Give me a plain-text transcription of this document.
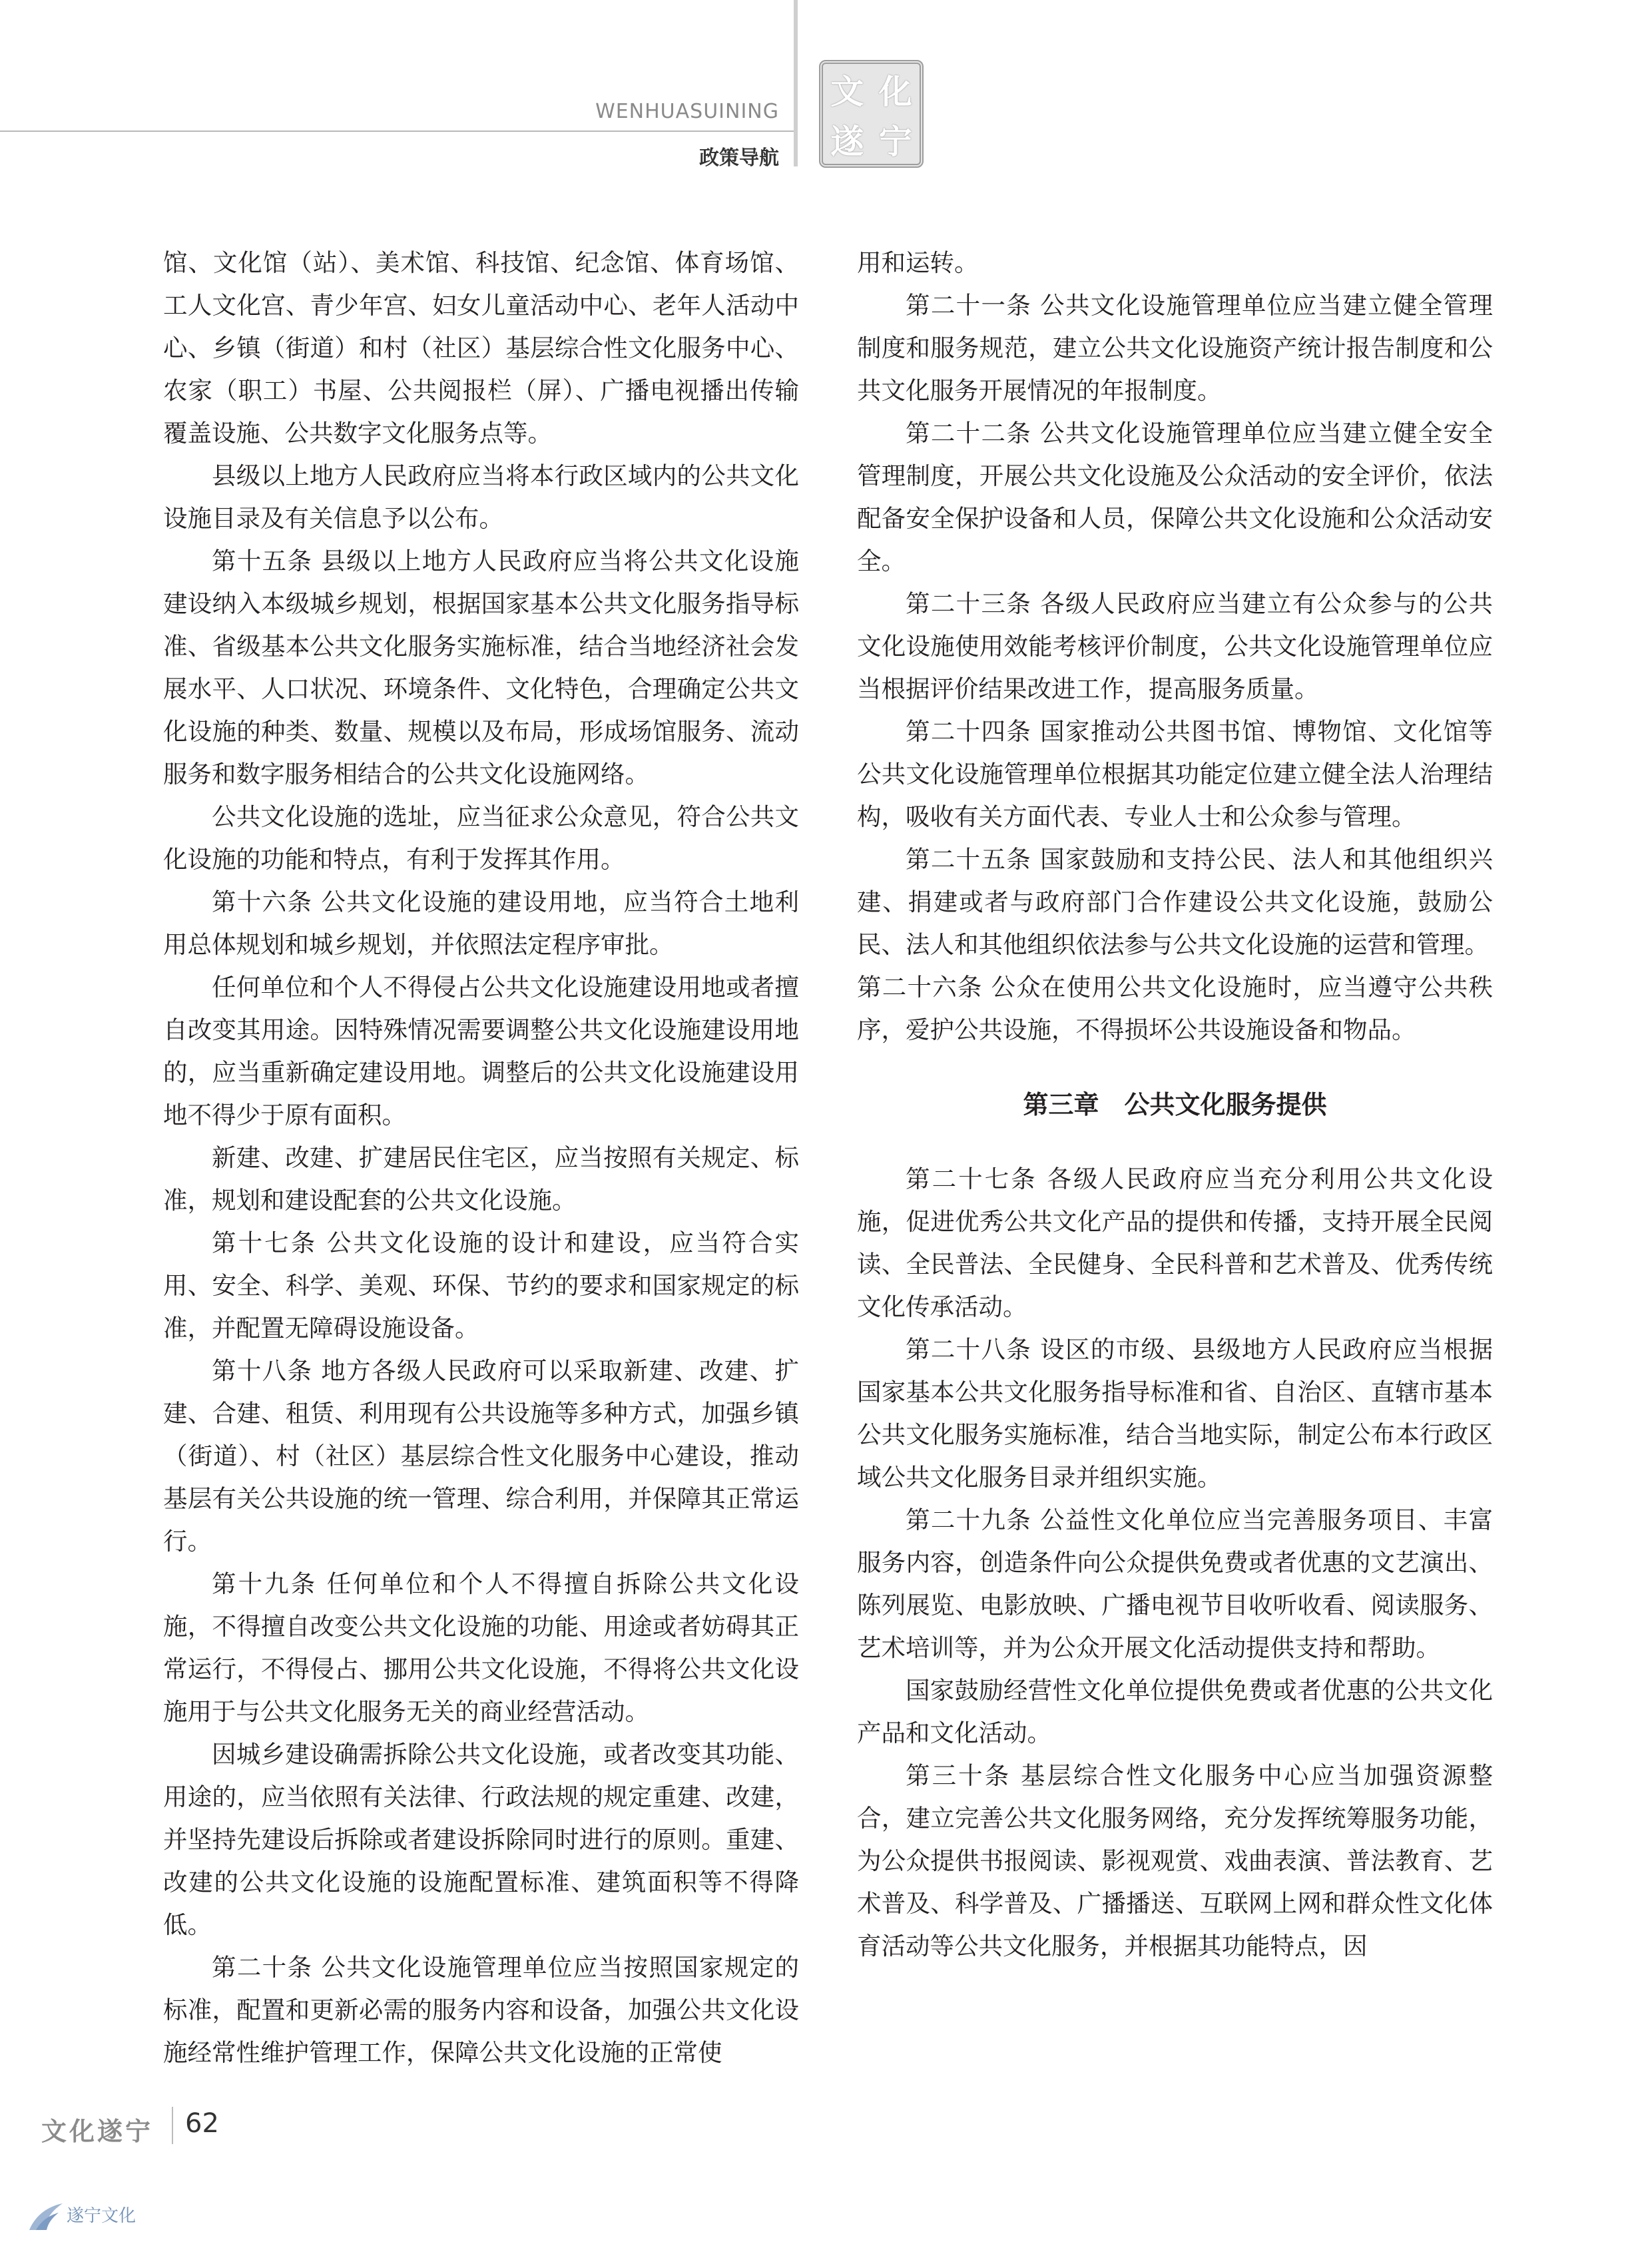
WENHUASUINING
政策导航
文 化
遂 宁

馆、文化馆（站）、美术馆、科技馆、纪念馆、体育场馆、工人文化宫、青少年宫、妇女儿童活动中心、老年人活动中心、乡镇（街道）和村（社区）基层综合性文化服务中心、农家（职工）书屋、公共阅报栏（屏）、广播电视播出传输覆盖设施、公共数字文化服务点等。

县级以上地方人民政府应当将本行政区域内的公共文化设施目录及有关信息予以公布。

第十五条 县级以上地方人民政府应当将公共文化设施建设纳入本级城乡规划，根据国家基本公共文化服务指导标准、省级基本公共文化服务实施标准，结合当地经济社会发展水平、人口状况、环境条件、文化特色，合理确定公共文化设施的种类、数量、规模以及布局，形成场馆服务、流动服务和数字服务相结合的公共文化设施网络。

公共文化设施的选址，应当征求公众意见，符合公共文化设施的功能和特点，有利于发挥其作用。

第十六条 公共文化设施的建设用地，应当符合土地利用总体规划和城乡规划，并依照法定程序审批。

任何单位和个人不得侵占公共文化设施建设用地或者擅自改变其用途。因特殊情况需要调整公共文化设施建设用地的，应当重新确定建设用地。调整后的公共文化设施建设用地不得少于原有面积。

新建、改建、扩建居民住宅区，应当按照有关规定、标准，规划和建设配套的公共文化设施。

第十七条 公共文化设施的设计和建设，应当符合实用、安全、科学、美观、环保、节约的要求和国家规定的标准，并配置无障碍设施设备。

第十八条 地方各级人民政府可以采取新建、改建、扩建、合建、租赁、利用现有公共设施等多种方式，加强乡镇（街道）、村（社区）基层综合性文化服务中心建设，推动基层有关公共设施的统一管理、综合利用，并保障其正常运行。

第十九条 任何单位和个人不得擅自拆除公共文化设施，不得擅自改变公共文化设施的功能、用途或者妨碍其正常运行，不得侵占、挪用公共文化设施，不得将公共文化设施用于与公共文化服务无关的商业经营活动。

因城乡建设确需拆除公共文化设施，或者改变其功能、用途的，应当依照有关法律、行政法规的规定重建、改建，并坚持先建设后拆除或者建设拆除同时进行的原则。重建、改建的公共文化设施的设施配置标准、建筑面积等不得降低。

第二十条 公共文化设施管理单位应当按照国家规定的标准，配置和更新必需的服务内容和设备，加强公共文化设施经常性维护管理工作，保障公共文化设施的正常使

用和运转。

第二十一条 公共文化设施管理单位应当建立健全管理制度和服务规范，建立公共文化设施资产统计报告制度和公共文化服务开展情况的年报制度。

第二十二条 公共文化设施管理单位应当建立健全安全管理制度，开展公共文化设施及公众活动的安全评价，依法配备安全保护设备和人员，保障公共文化设施和公众活动安全。

第二十三条 各级人民政府应当建立有公众参与的公共文化设施使用效能考核评价制度，公共文化设施管理单位应当根据评价结果改进工作，提高服务质量。

第二十四条 国家推动公共图书馆、博物馆、文化馆等公共文化设施管理单位根据其功能定位建立健全法人治理结构，吸收有关方面代表、专业人士和公众参与管理。

第二十五条 国家鼓励和支持公民、法人和其他组织兴建、捐建或者与政府部门合作建设公共文化设施，鼓励公民、法人和其他组织依法参与公共文化设施的运营和管理。

第二十六条 公众在使用公共文化设施时，应当遵守公共秩序，爱护公共设施，不得损坏公共设施设备和物品。

第三章　公共文化服务提供

第二十七条 各级人民政府应当充分利用公共文化设施，促进优秀公共文化产品的提供和传播，支持开展全民阅读、全民普法、全民健身、全民科普和艺术普及、优秀传统文化传承活动。

第二十八条 设区的市级、县级地方人民政府应当根据国家基本公共文化服务指导标准和省、自治区、直辖市基本公共文化服务实施标准，结合当地实际，制定公布本行政区域公共文化服务目录并组织实施。

第二十九条 公益性文化单位应当完善服务项目、丰富服务内容，创造条件向公众提供免费或者优惠的文艺演出、陈列展览、电影放映、广播电视节目收听收看、阅读服务、艺术培训等，并为公众开展文化活动提供支持和帮助。

国家鼓励经营性文化单位提供免费或者优惠的公共文化产品和文化活动。

第三十条 基层综合性文化服务中心应当加强资源整合，建立完善公共文化服务网络，充分发挥统筹服务功能，为公众提供书报阅读、影视观赏、戏曲表演、普法教育、艺术普及、科学普及、广播播送、互联网上网和群众性文化体育活动等公共文化服务，并根据其功能特点，因

文化遂宁 62
遂宁文化
